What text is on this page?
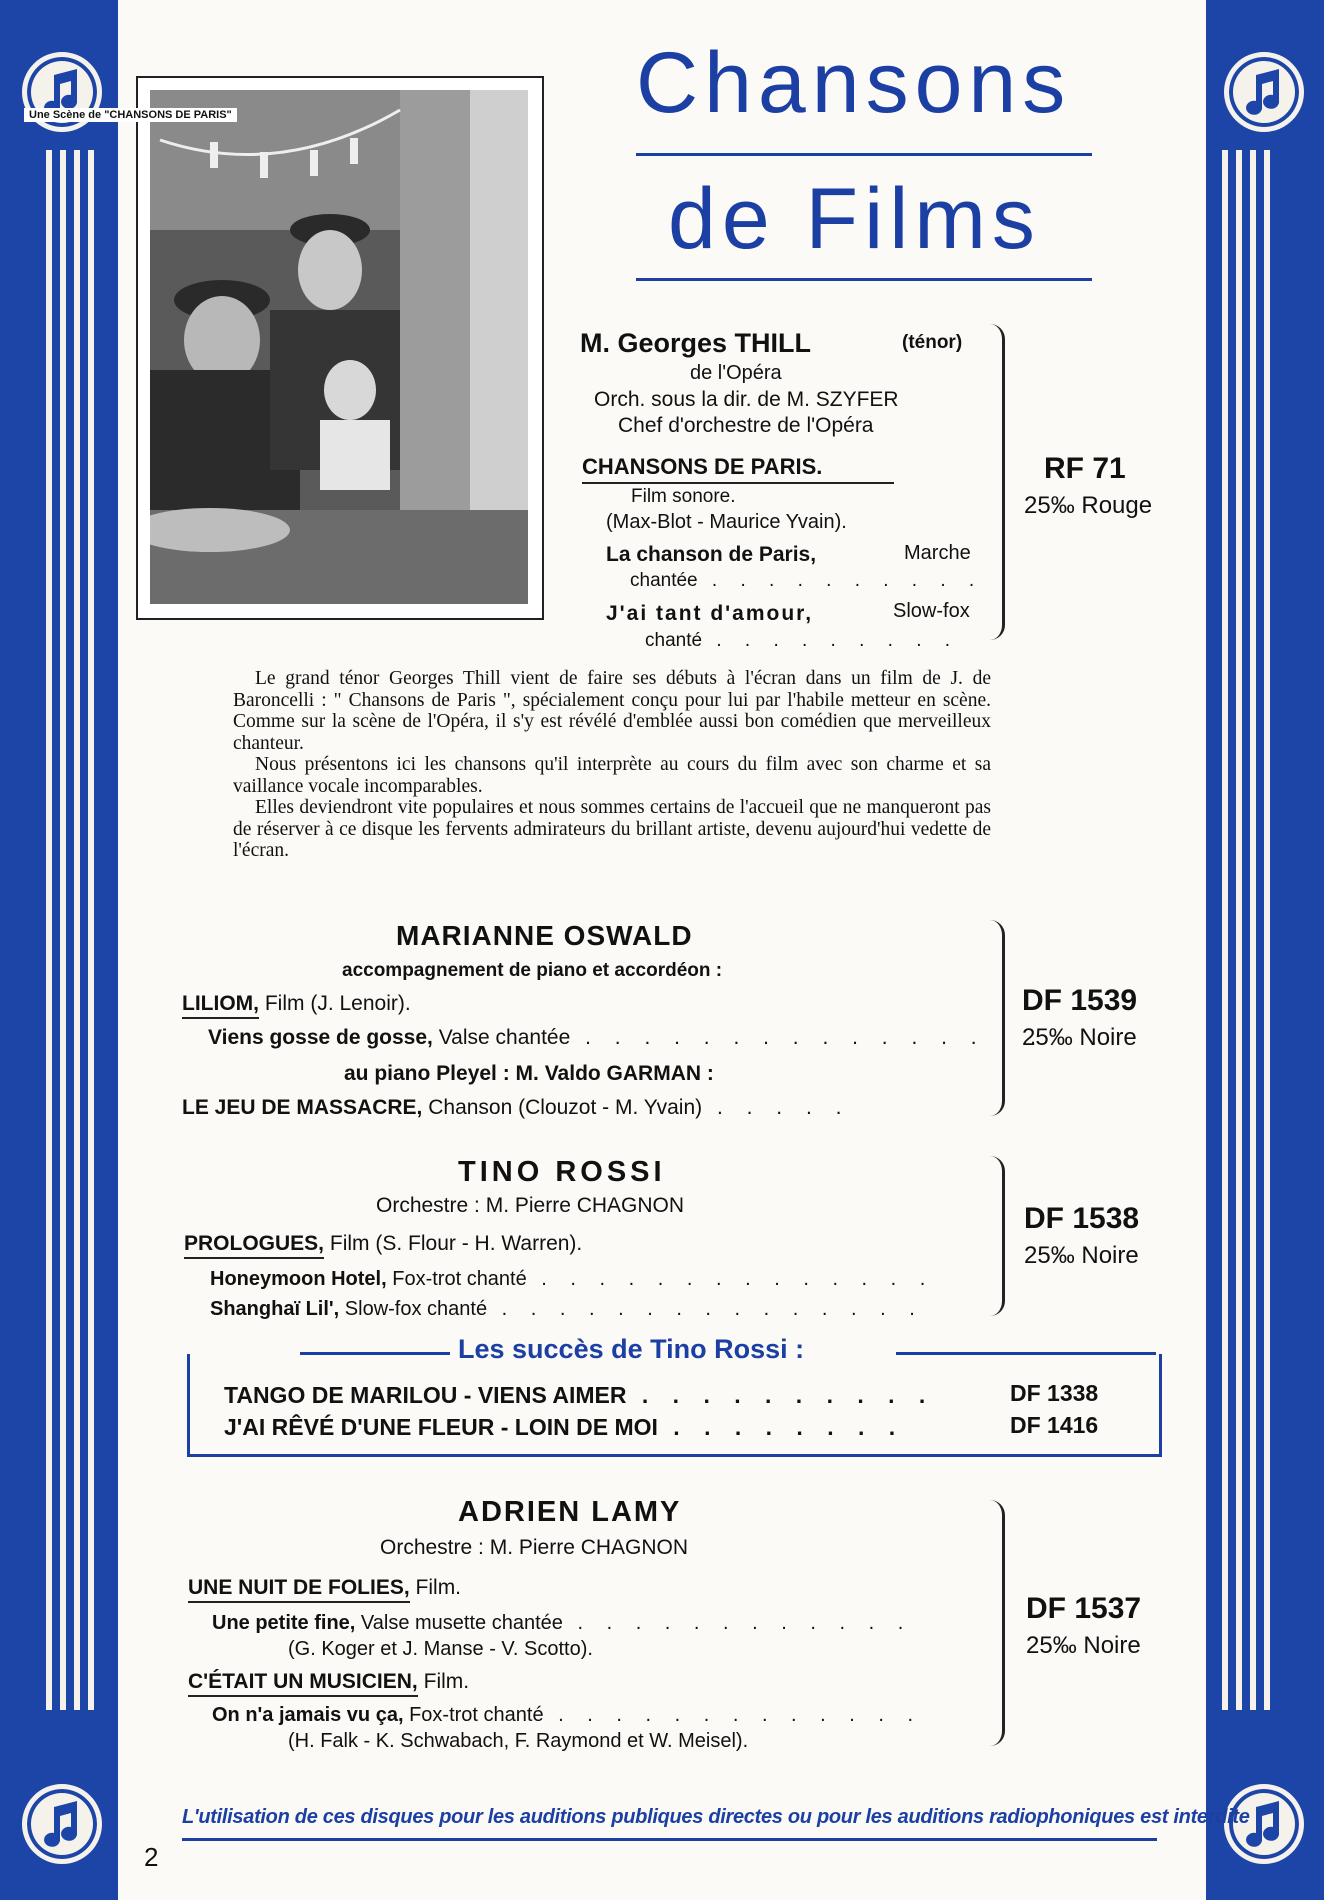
Chansons
de Films
Une Scène de "CHANSONS DE PARIS"
M. Georges THILL	(ténor)
de l'Opéra
Orch. sous la dir. de M. SZYFER
Chef d'orchestre de l'Opéra
CHANSONS DE PARIS.
Film sonore.
(Max-Blot - Maurice Yvain).
La chanson de Paris,	Marche
chantée . . . . . . . . . .
J'ai tant d'amour,	Slow-fox
chanté . . . . . . . . .
RF 71
25‰ Rouge

Le grand ténor Georges Thill vient de faire ses débuts à l'écran dans un film de J. de Baroncelli : " Chansons de Paris ", spécialement conçu pour lui par l'habile metteur en scène. Comme sur la scène de l'Opéra, il s'y est révélé d'emblée aussi bon comédien que merveilleux chanteur.

Nous présentons ici les chansons qu'il interprète au cours du film avec son charme et sa vaillance vocale incomparables.

Elles deviendront vite populaires et nous sommes certains de l'accueil que ne manqueront pas de réserver à ce disque les fervents admirateurs du brillant artiste, devenu aujourd'hui vedette de l'écran.

MARIANNE OSWALD
accompagnement de piano et accordéon :
LILIOM, Film (J. Lenoir).
Viens gosse de gosse, Valse chantée . . . . . . . . . . . . . . . .
au piano Pleyel : M. Valdo GARMAN :
LE JEU DE MASSACRE, Chanson (Clouzot - M. Yvain) . . . . .
DF 1539
25‰ Noire
TINO ROSSI
Orchestre : M. Pierre CHAGNON
PROLOGUES, Film (S. Flour - H. Warren).
Honeymoon Hotel, Fox-trot chanté . . . . . . . . . . . . . .
Shanghaï Lil', Slow-fox chanté . . . . . . . . . . . . . . .
DF 1538
25‰ Noire
Les succès de Tino Rossi :
TANGO DE MARILOU - VIENS AIMER . . . . . . . . . .	DF 1338
J'AI RÊVÉ D'UNE FLEUR - LOIN DE MOI . . . . . . . .	DF 1416
ADRIEN LAMY
Orchestre : M. Pierre CHAGNON
UNE NUIT DE FOLIES, Film.
Une petite fine, Valse musette chantée . . . . . . . . . . . .
(G. Koger et J. Manse - V. Scotto).
C'ÉTAIT UN MUSICIEN, Film.
On n'a jamais vu ça, Fox-trot chanté . . . . . . . . . . . . .
(H. Falk - K. Schwabach, F. Raymond et W. Meisel).
DF 1537
25‰ Noire
L'utilisation de ces disques pour les auditions publiques directes ou pour les auditions radiophoniques est interdite
2
